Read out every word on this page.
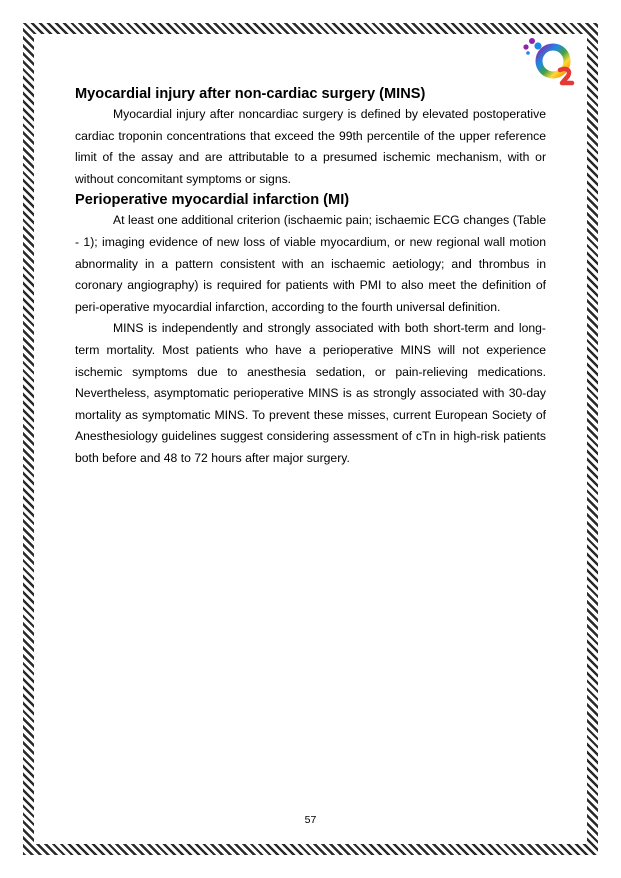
Myocardial injury after non-cardiac surgery (MINS)

Myocardial injury after noncardiac surgery is defined by elevated postoperative cardiac troponin concentrations that exceed the 99th percentile of the upper reference limit of the assay and are attributable to a presumed ischemic mechanism, with or without concomitant symptoms or signs.

Perioperative myocardial infarction (MI)

At least one additional criterion (ischaemic pain; ischaemic ECG changes (Table - 1); imaging evidence of new loss of viable myocardium, or new regional wall motion abnormality in a pattern consistent with an ischaemic aetiology; and thrombus in coronary angiography) is required for patients with PMI to also meet the definition of peri-operative myocardial infarction, according to the fourth universal definition.

MINS is independently and strongly associated with both short-term and long-term mortality. Most patients who have a perioperative MINS will not experience ischemic symptoms due to anesthesia sedation, or pain-relieving medications. Nevertheless, asymptomatic perioperative MINS is as strongly associated with 30-day mortality as symptomatic MINS. To prevent these misses, current European Society of Anesthesiology guidelines suggest considering assessment of cTn in high-risk patients both before and 48 to 72 hours after major surgery.

57
